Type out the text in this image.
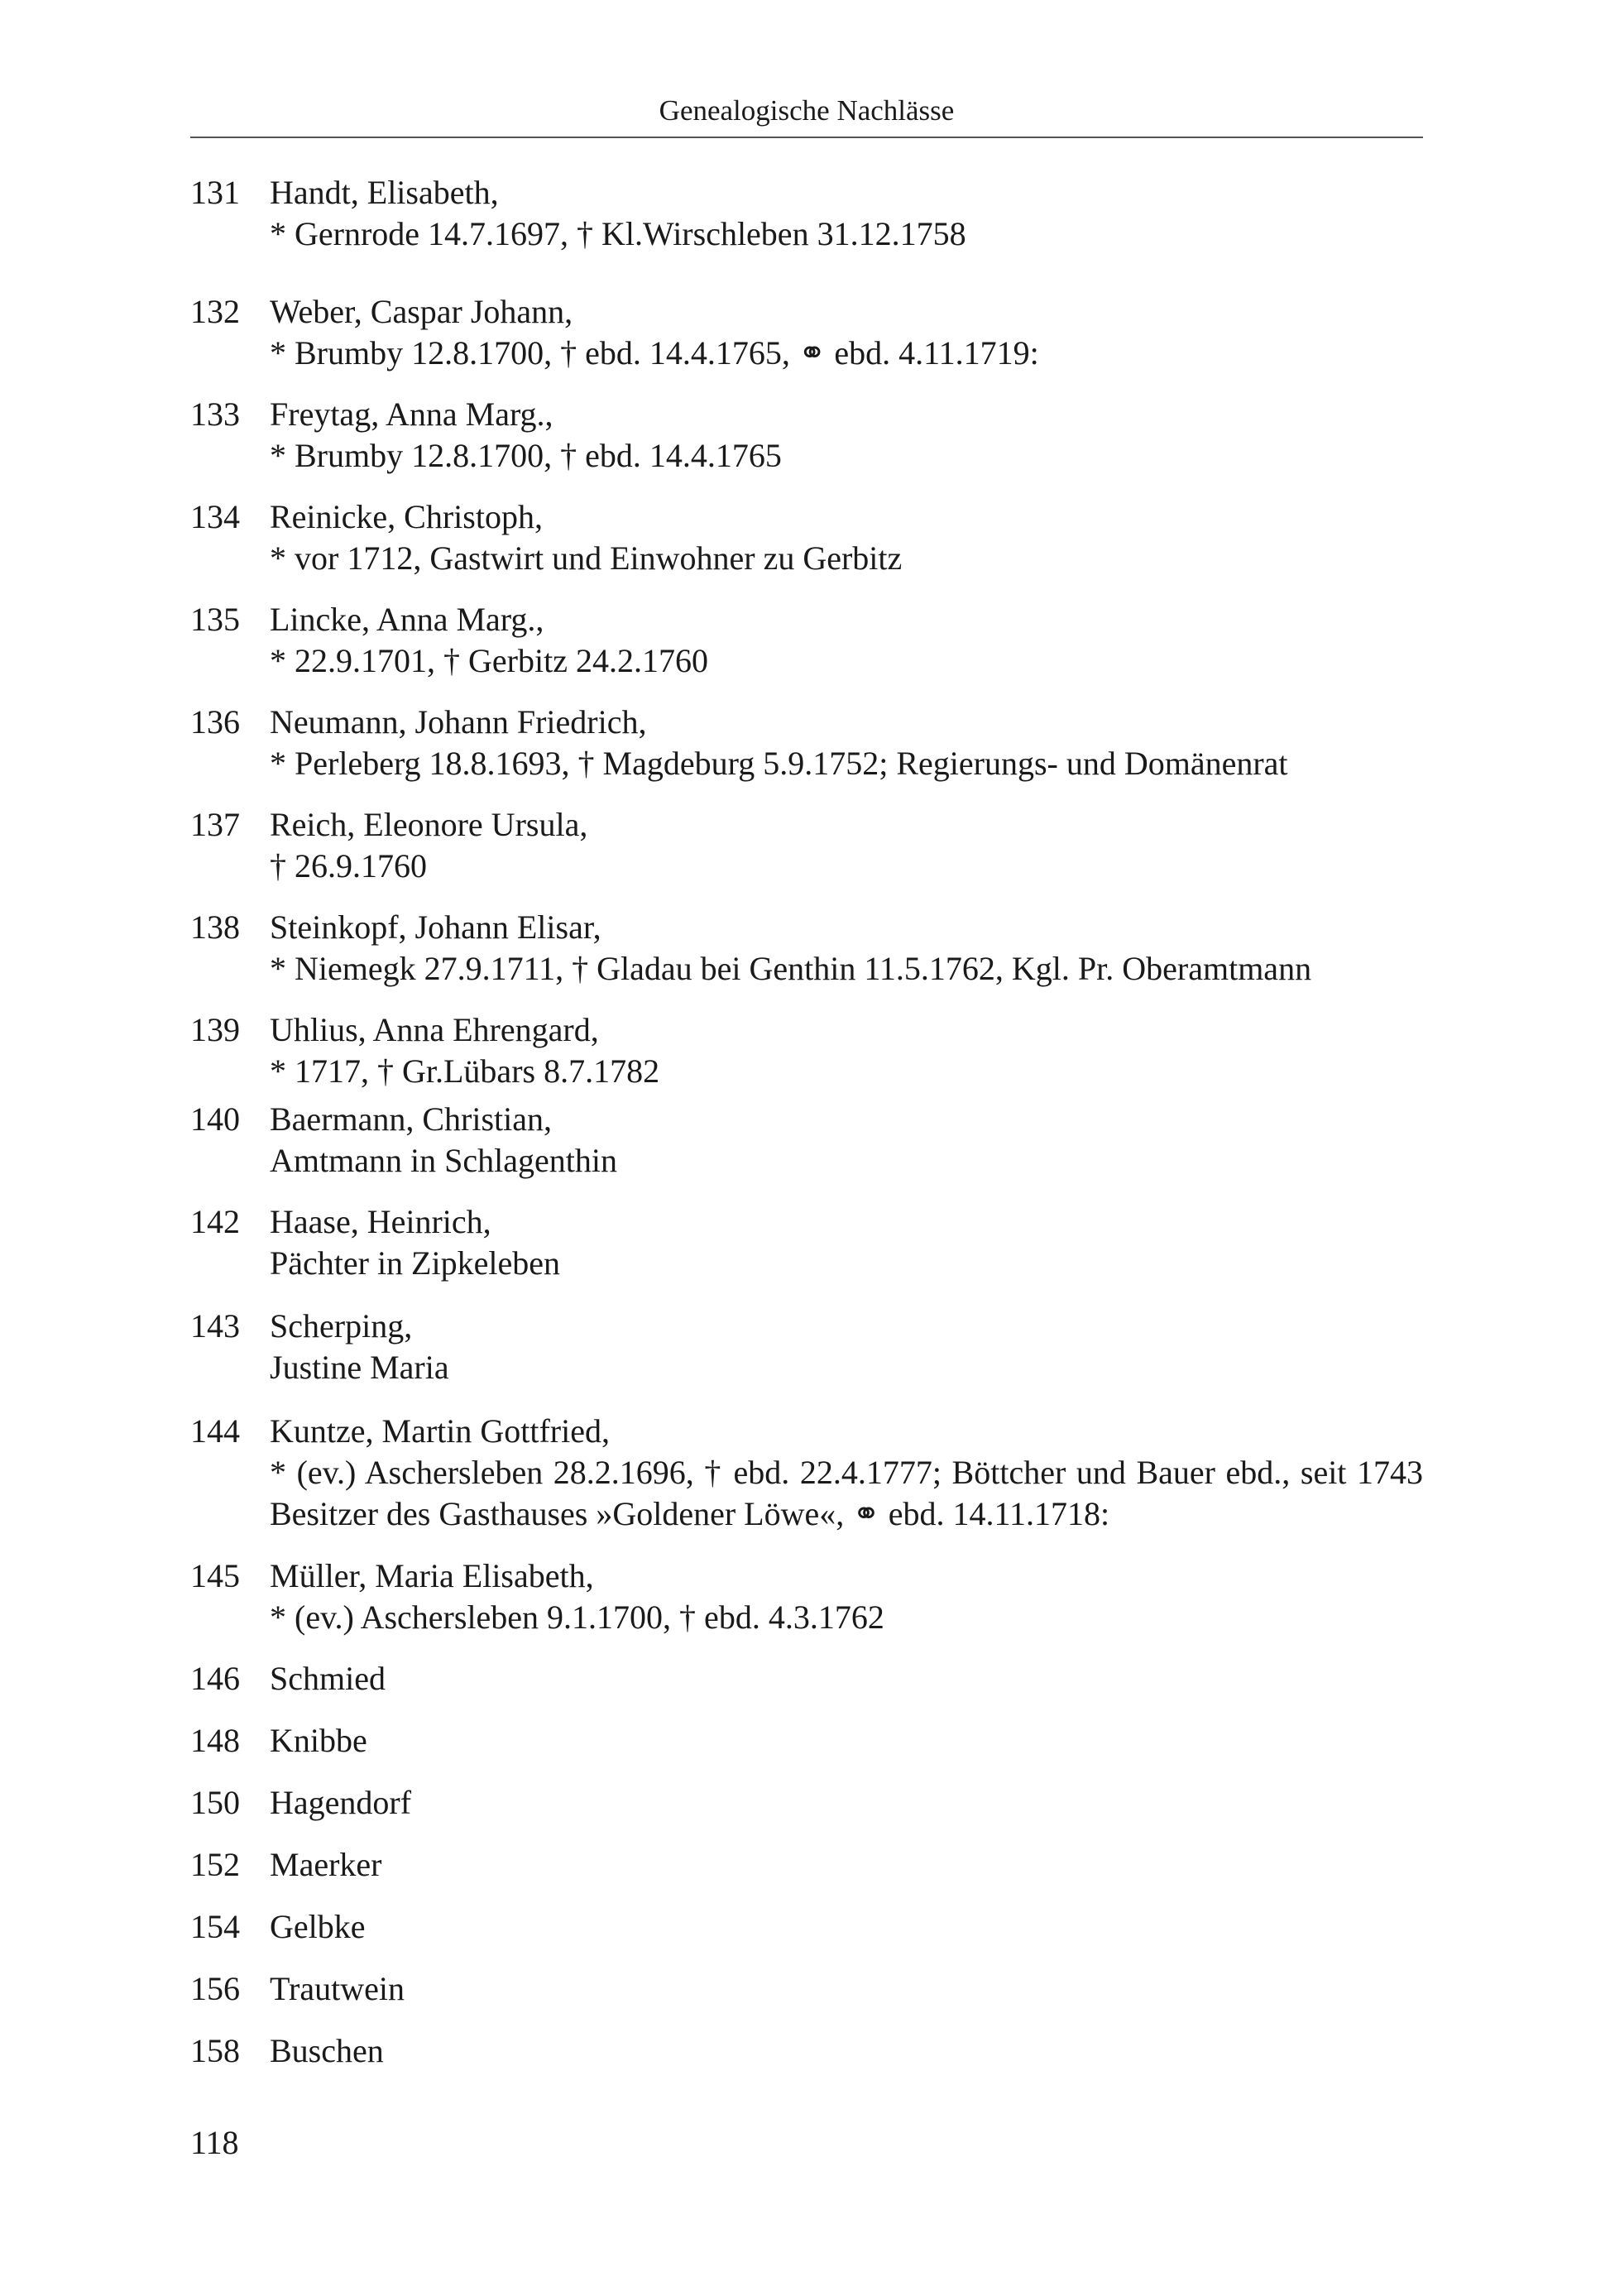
Genealogische Nachlässe
131 Handt, Elisabeth,
* Gernrode 14.7.1697, † Kl.Wirschleben 31.12.1758
132 Weber, Caspar Johann,
* Brumby 12.8.1700, † ebd. 14.4.1765, ⚭ ebd. 4.11.1719:
133 Freytag, Anna Marg.,
* Brumby 12.8.1700, † ebd. 14.4.1765
134 Reinicke, Christoph,
* vor 1712, Gastwirt und Einwohner zu Gerbitz
135 Lincke, Anna Marg.,
* 22.9.1701, † Gerbitz 24.2.1760
136 Neumann, Johann Friedrich,
* Perleberg 18.8.1693, † Magdeburg 5.9.1752; Regierungs- und Domänenrat
137 Reich, Eleonore Ursula,
† 26.9.1760
138 Steinkopf, Johann Elisar,
* Niemegk 27.9.1711, † Gladau bei Genthin 11.5.1762, Kgl. Pr. Oberamtmann
139 Uhlius, Anna Ehrengard,
* 1717, † Gr.Lübars 8.7.1782
140 Baermann, Christian,
Amtmann in Schlagenthin
142 Haase, Heinrich,
Pächter in Zipkeleben
143 Scherping,
Justine Maria
144 Kuntze, Martin Gottfried,
* (ev.) Aschersleben 28.2.1696, † ebd. 22.4.1777; Böttcher und Bauer ebd., seit 1743 Besitzer des Gasthauses »Goldener Löwe«, ⚭ ebd. 14.11.1718:
145 Müller, Maria Elisabeth,
* (ev.) Aschersleben 9.1.1700, † ebd. 4.3.1762
146 Schmied
148 Knibbe
150 Hagendorf
152 Maerker
154 Gelbke
156 Trautwein
158 Buschen
118
